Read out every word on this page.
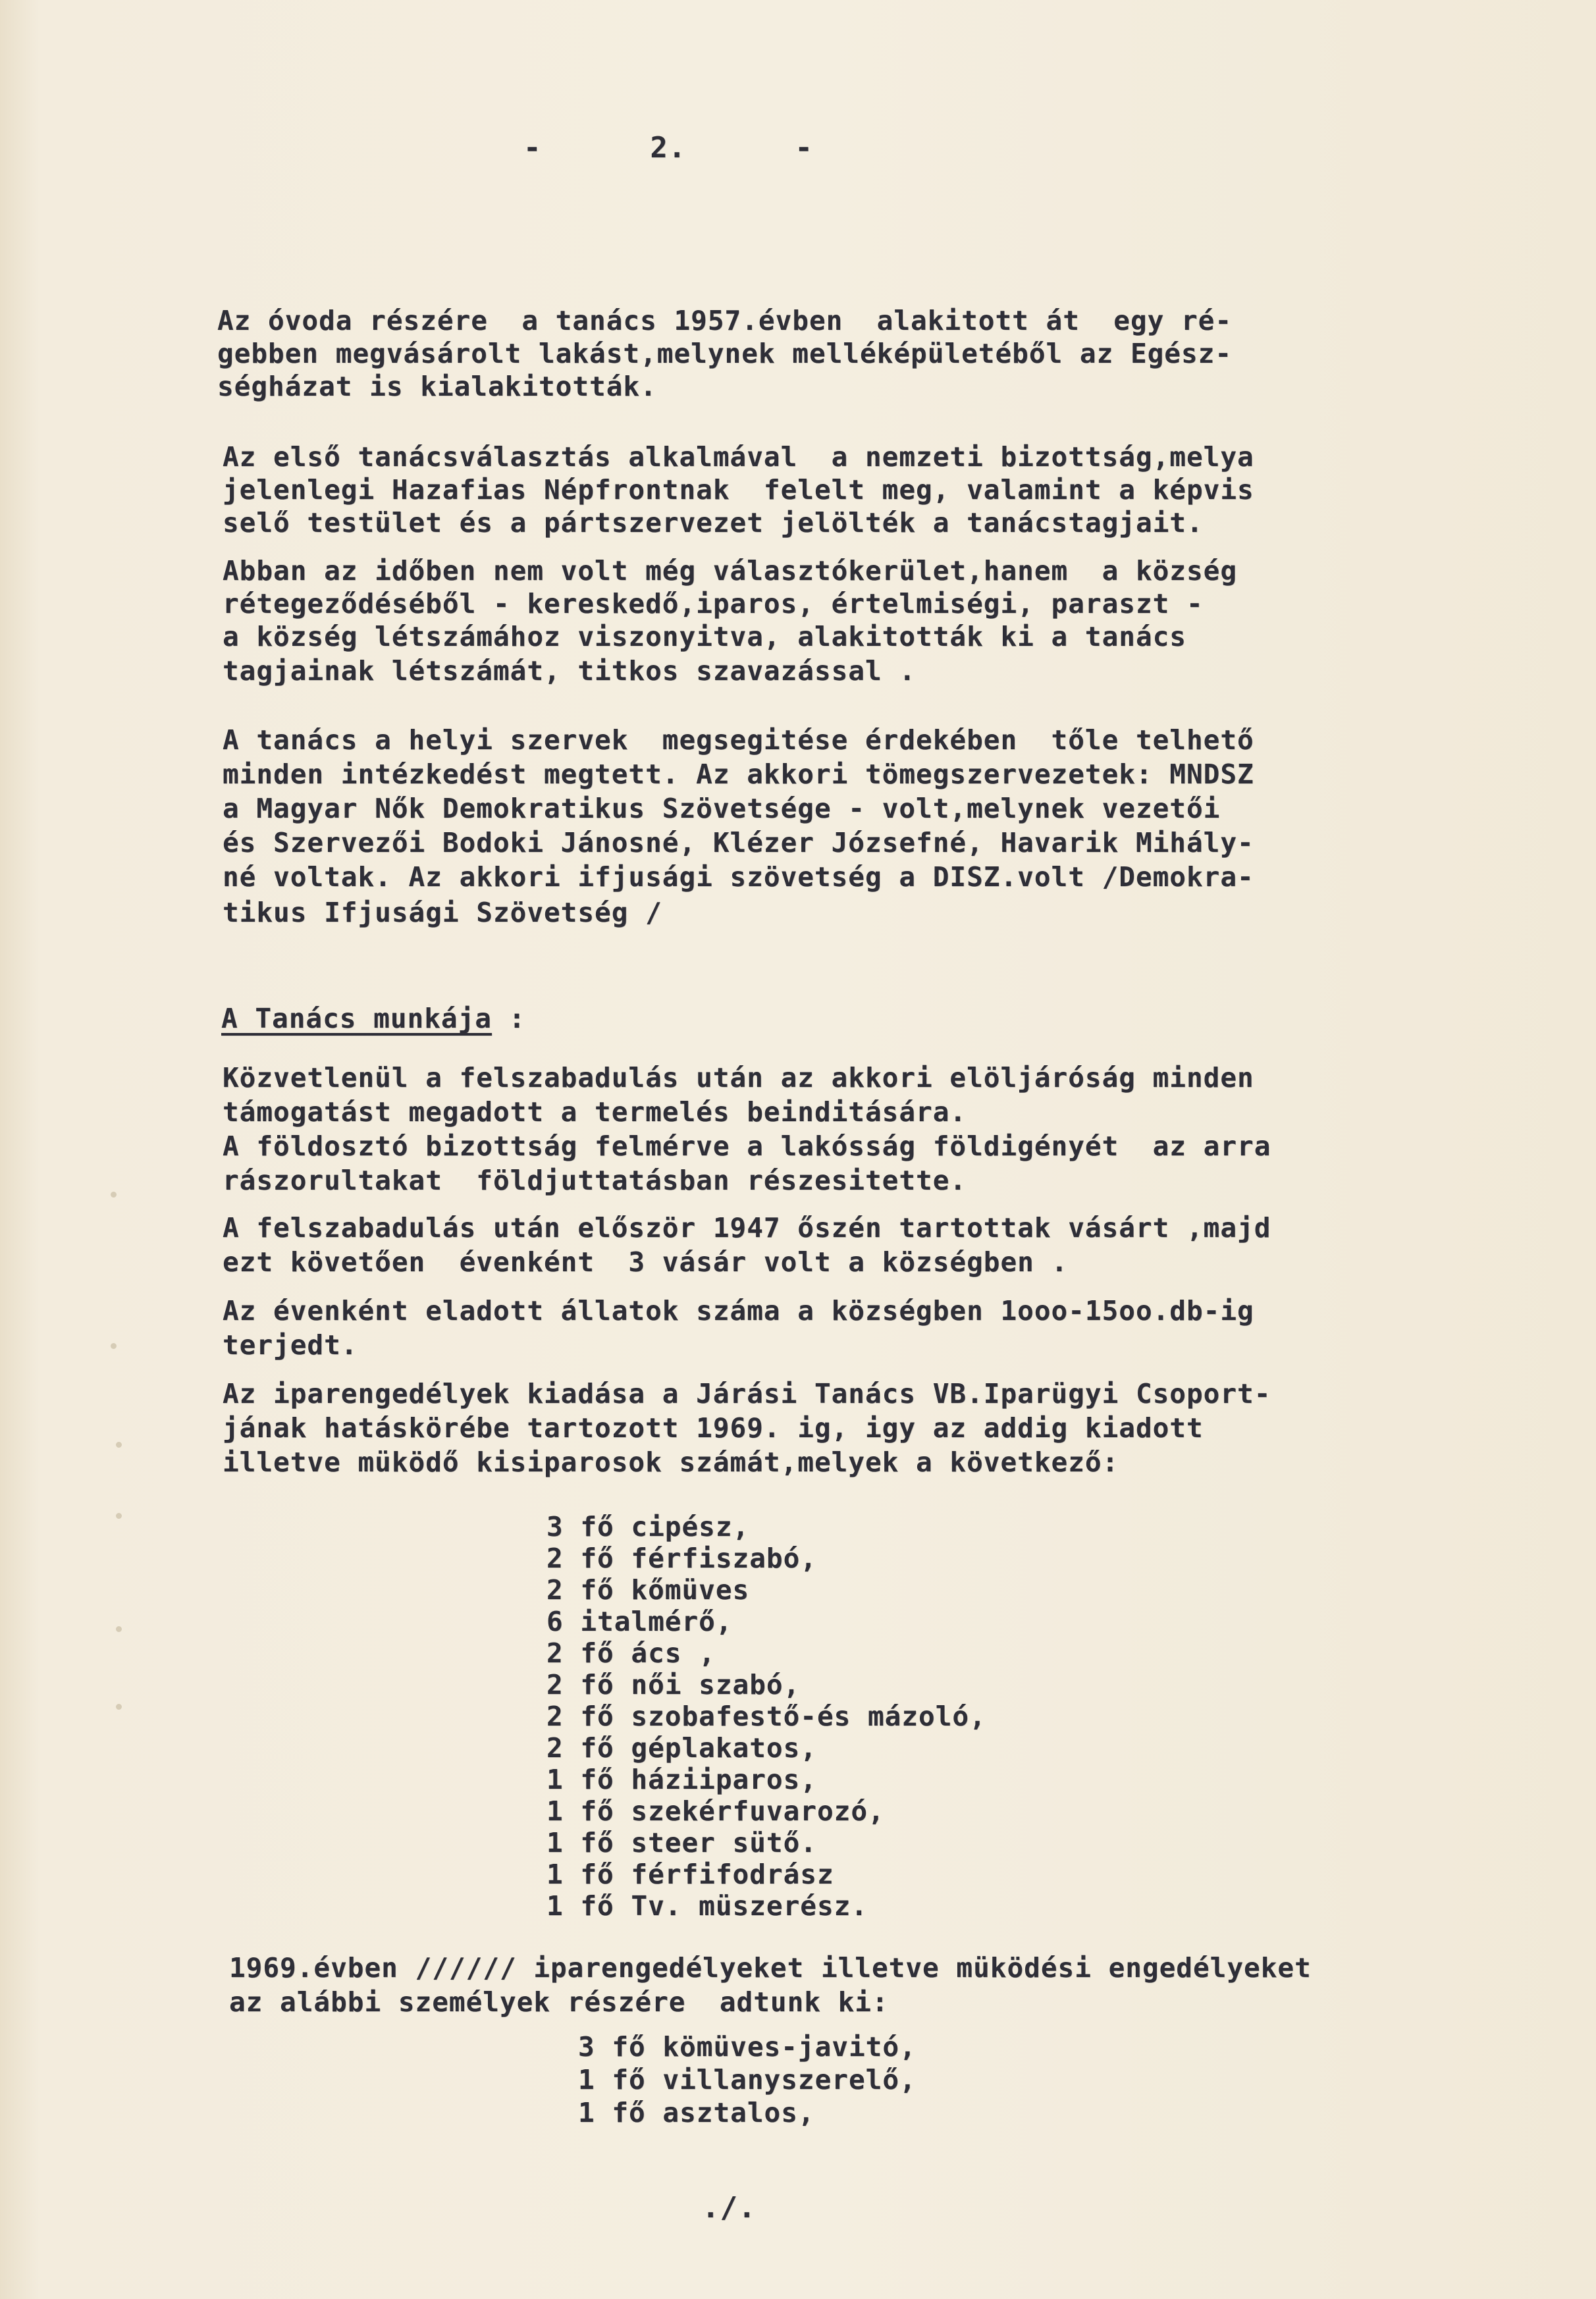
-      2.      -
Az óvoda részére  a tanács 1957.évben  alakitott át  egy ré-
gebben megvásárolt lakást,melynek melléképületéből az Egész-
ségházat is kialakitották.
Az első tanácsválasztás alkalmával  a nemzeti bizottság,melya
jelenlegi Hazafias Népfrontnak  felelt meg, valamint a képvis
selő testület és a pártszervezet jelölték a tanácstagjait.
Abban az időben nem volt még választókerület,hanem  a község
rétegeződéséből - kereskedő,iparos, értelmiségi, paraszt -
a község létszámához viszonyitva, alakitották ki a tanács
tagjainak létszámát, titkos szavazással .
A tanács a helyi szervek  megsegitése érdekében  tőle telhető
minden intézkedést megtett. Az akkori tömegszervezetek: MNDSZ
a Magyar Nők Demokratikus Szövetsége - volt,melynek vezetői
és Szervezői Bodoki Jánosné, Klézer Józsefné, Havarik Mihály-
né voltak. Az akkori ifjusági szövetség a DISZ.volt /Demokra-
tikus Ifjusági Szövetség /
A Tanács munkája :
Közvetlenül a felszabadulás után az akkori elöljáróság minden
támogatást megadott a termelés beinditására.
A földosztó bizottság felmérve a lakósság földigényét  az arra
rászorultakat  földjuttatásban részesitette.
A felszabadulás után először 1947 őszén tartottak vásárt ,majd
ezt követően  évenként  3 vásár volt a községben .
Az évenként eladott állatok száma a községben 1ooo-15oo.db-ig
terjedt.
Az iparengedélyek kiadása a Járási Tanács VB.Iparügyi Csoport-
jának hatáskörébe tartozott 1969. ig, igy az addig kiadott
illetve müködő kisiparosok számát,melyek a következő:
3 fő cipész,
2 fő férfiszabó,
2 fő kőmüves
6 italmérő,
2 fő ács ,
2 fő női szabó,
2 fő szobafestő-és mázoló,
2 fő géplakatos,
1 fő háziiparos,
1 fő szekérfuvarozó,
1 fő steer sütő.
1 fő férfifodrász
1 fő Tv. müszerész.
1969.évben ////// iparengedélyeket illetve müködési engedélyeket
az alábbi személyek részére  adtunk ki:
3 fő kömüves-javitó,
1 fő villanyszerelő,
1 fő asztalos,
./.
